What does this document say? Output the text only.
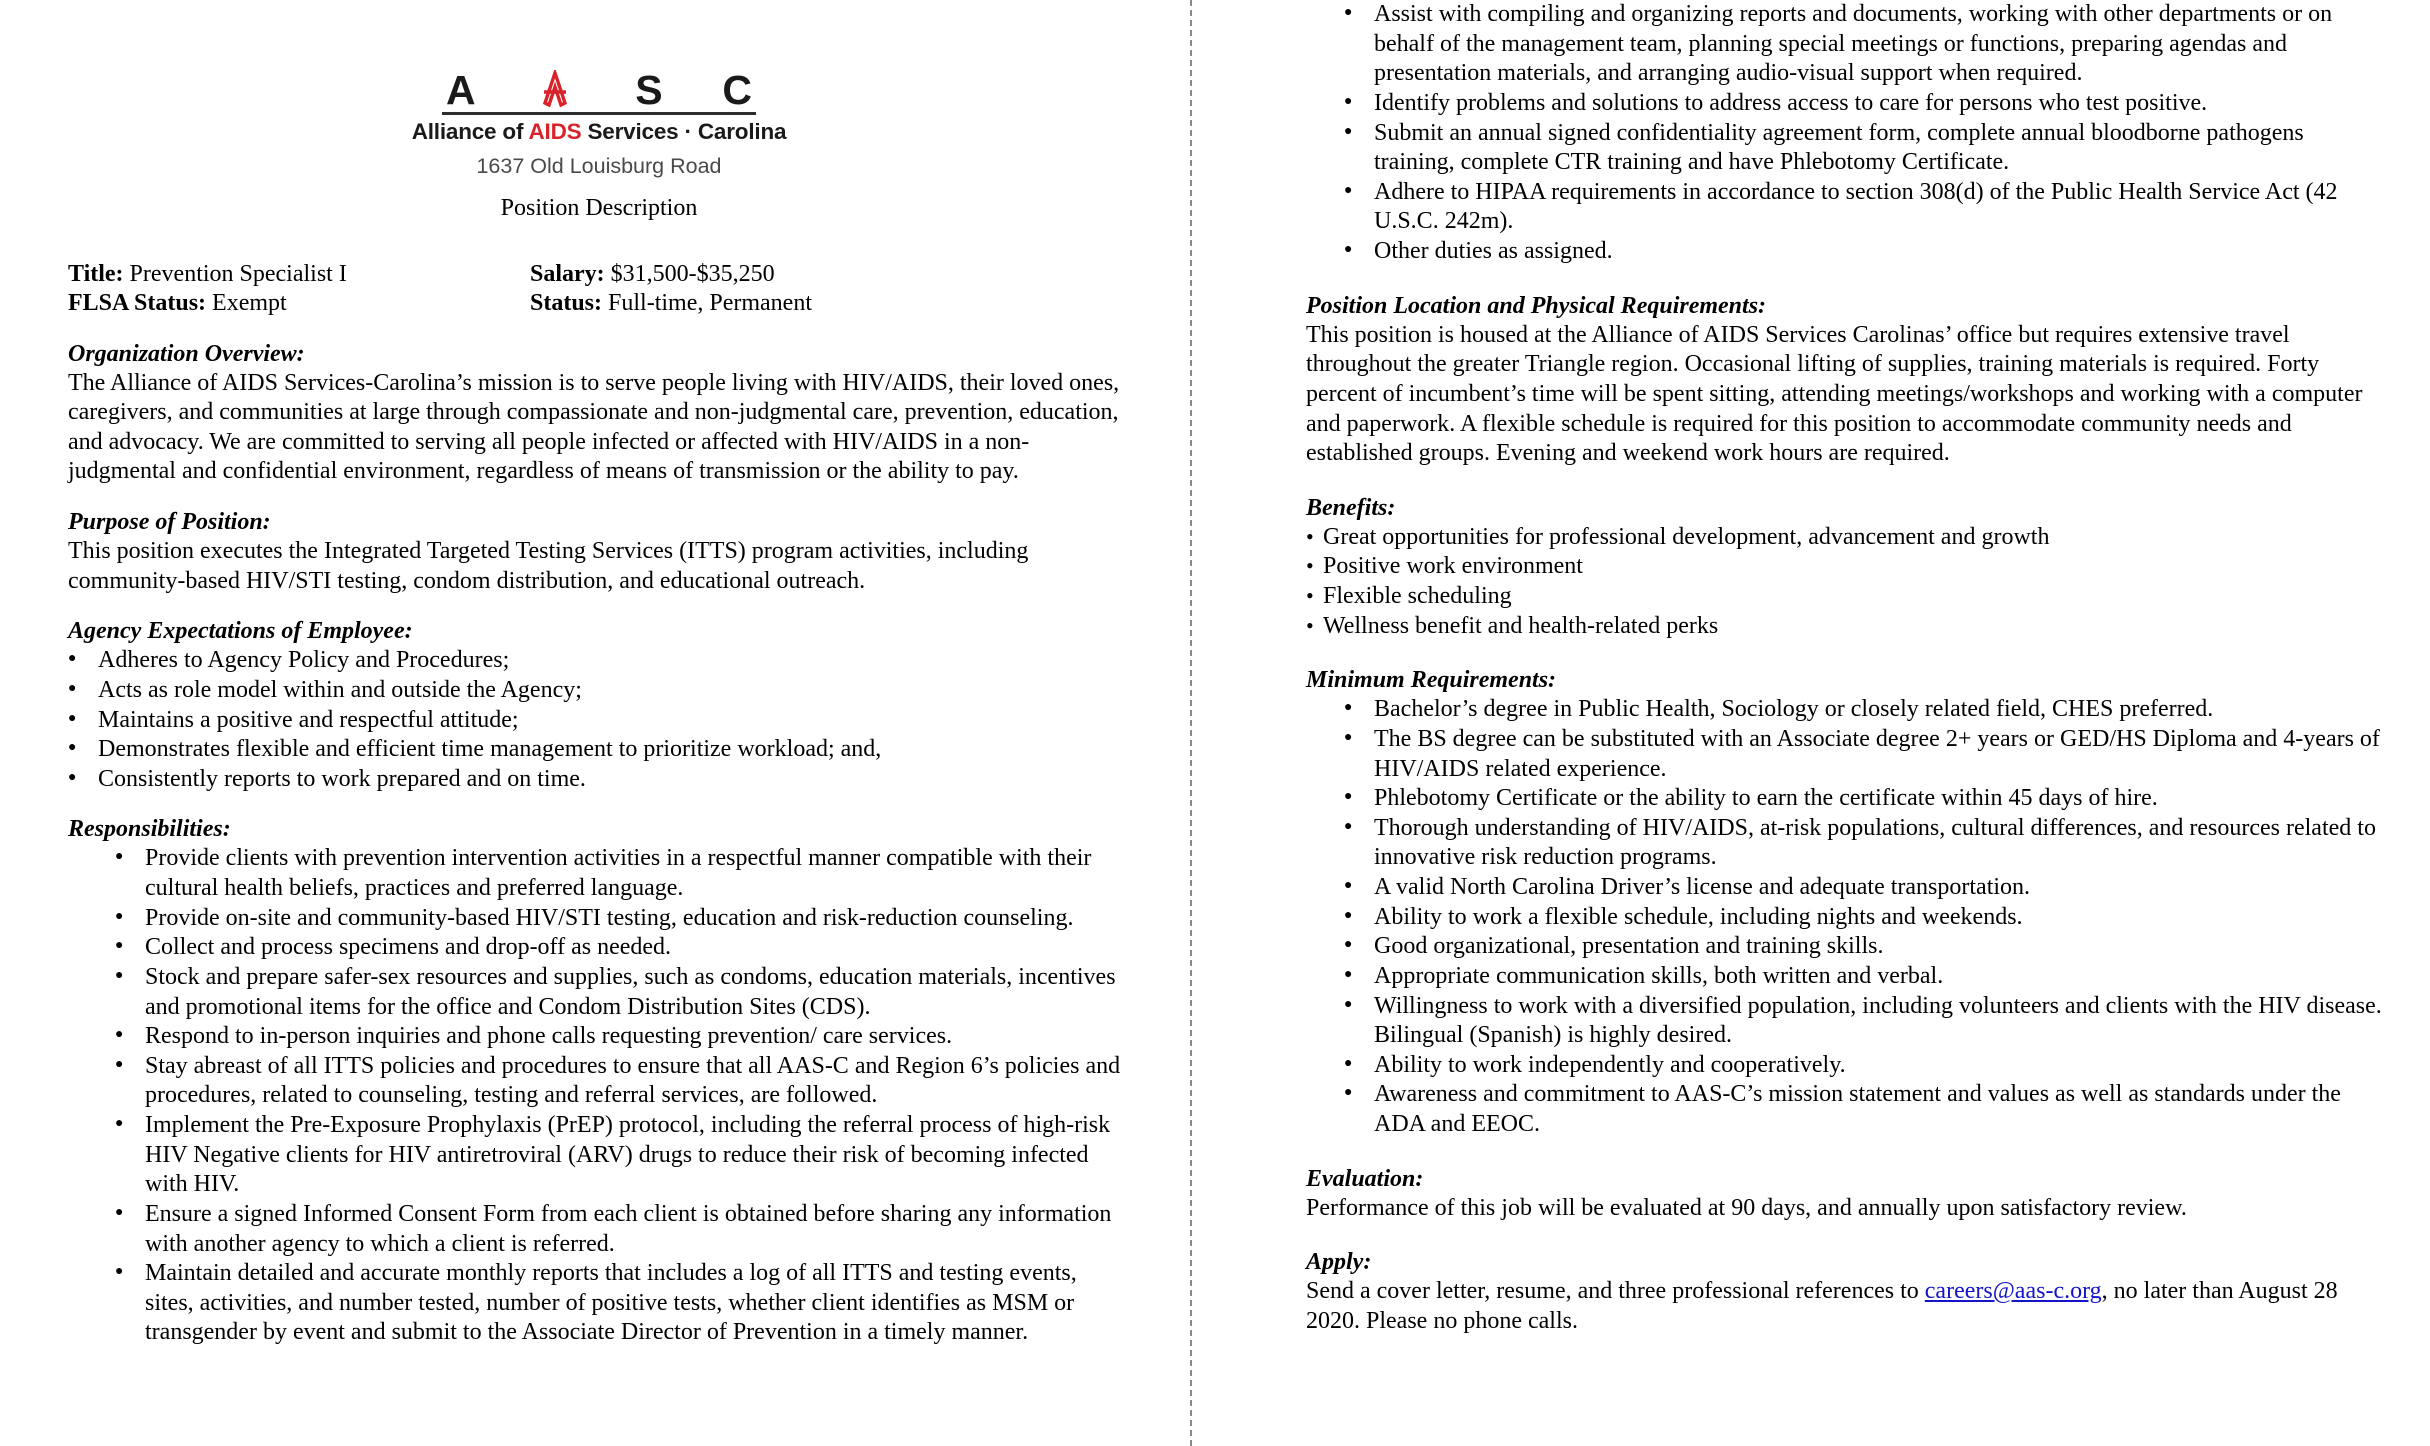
A	S C
Alliance of AIDS Services · Carolina
1637 Old Louisburg Road
Position Description
Title: Prevention Specialist I
FLSA Status: Exempt
Salary: $31,500-$35,250
Status: Full-time, Permanent
Organization Overview:

The Alliance of AIDS Services-Carolina’s mission is to serve people living with HIV/AIDS, their loved ones, caregivers, and communities at large through compassionate and non-judgmental care, prevention, education, and advocacy. We are committed to serving all people infected or affected with HIV/AIDS in a non-judgmental and confidential environment, regardless of means of transmission or the ability to pay.

Purpose of Position:

This position executes the Integrated Targeted Testing Services (ITTS) program activities, including community-based HIV/STI testing, condom distribution, and educational outreach.

Agency Expectations of Employee:
● Adheres to Agency Policy and Procedures;
● Acts as role model within and outside the Agency;
● Maintains a positive and respectful attitude;
● Demonstrates flexible and efficient time management to prioritize workload; and,
● Consistently reports to work prepared and on time.
Responsibilities:
● Provide clients with prevention intervention activities in a respectful manner compatible with their cultural health beliefs, practices and preferred language.
● Provide on-site and community-based HIV/STI testing, education and risk-reduction counseling.
● Collect and process specimens and drop-off as needed.
● Stock and prepare safer-sex resources and supplies, such as condoms, education materials, incentives and promotional items for the office and Condom Distribution Sites (CDS).
● Respond to in-person inquiries and phone calls requesting prevention/ care services.
● Stay abreast of all ITTS policies and procedures to ensure that all AAS-C and Region 6’s policies and procedures, related to counseling, testing and referral services, are followed.
● Implement the Pre-Exposure Prophylaxis (PrEP) protocol, including the referral process of high-risk HIV Negative clients for HIV antiretroviral (ARV) drugs to reduce their risk of becoming infected with HIV.
● Ensure a signed Informed Consent Form from each client is obtained before sharing any information with another agency to which a client is referred.
● Maintain detailed and accurate monthly reports that includes a log of all ITTS and testing events, sites, activities, and number tested, number of positive tests, whether client identifies as MSM or transgender by event and submit to the Associate Director of Prevention in a timely manner.
● Assist with compiling and organizing reports and documents, working with other departments or on behalf of the management team, planning special meetings or functions, preparing agendas and presentation materials, and arranging audio-visual support when required.
● Identify problems and solutions to address access to care for persons who test positive.
● Submit an annual signed confidentiality agreement form, complete annual bloodborne pathogens training, complete CTR training and have Phlebotomy Certificate.
● Adhere to HIPAA requirements in accordance to section 308(d) of the Public Health Service Act (42 U.S.C. 242m).
● Other duties as assigned.
Position Location and Physical Requirements:

This position is housed at the Alliance of AIDS Services Carolinas’ office but requires extensive travel throughout the greater Triangle region. Occasional lifting of supplies, training materials is required. Forty percent of incumbent’s time will be spent sitting, attending meetings/workshops and working with a computer and paperwork. A flexible schedule is required for this position to accommodate community needs and established groups. Evening and weekend work hours are required.

Benefits:
• Great opportunities for professional development, advancement and growth
• Positive work environment
• Flexible scheduling
• Wellness benefit and health-related perks
Minimum Requirements:
● Bachelor’s degree in Public Health, Sociology or closely related field, CHES preferred.
● The BS degree can be substituted with an Associate degree 2+ years or GED/HS Diploma and 4-years of HIV/AIDS related experience.
● Phlebotomy Certificate or the ability to earn the certificate within 45 days of hire.
● Thorough understanding of HIV/AIDS, at-risk populations, cultural differences, and resources related to innovative risk reduction programs.
● A valid North Carolina Driver’s license and adequate transportation.
● Ability to work a flexible schedule, including nights and weekends.
● Good organizational, presentation and training skills.
● Appropriate communication skills, both written and verbal.
● Willingness to work with a diversified population, including volunteers and clients with the HIV disease. Bilingual (Spanish) is highly desired.
● Ability to work independently and cooperatively.
● Awareness and commitment to AAS-C’s mission statement and values as well as standards under the ADA and EEOC.
Evaluation:

Performance of this job will be evaluated at 90 days, and annually upon satisfactory review.

Apply:

Send a cover letter, resume, and three professional references to careers@aas-c.org, no later than August 28 2020. Please no phone calls.
